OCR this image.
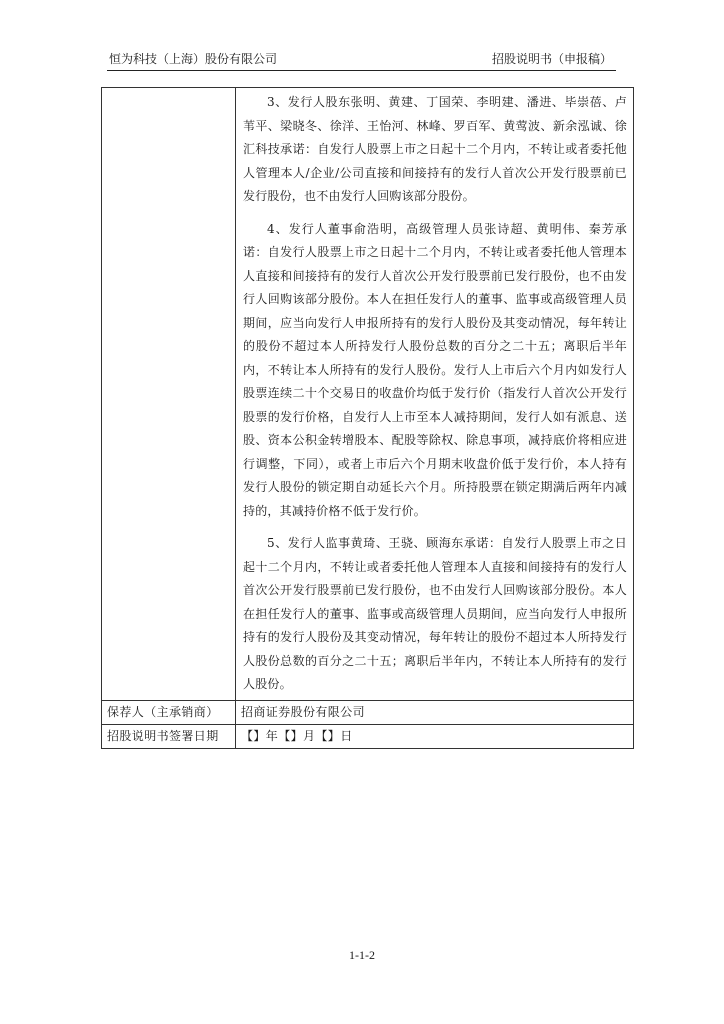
恒为科技（上海）股份有限公司	招股说明书（申报稿）

	3、发行人股东张明、黄建、丁国荣、李明建、潘进、毕崇蓓、卢苇平、梁晓冬、徐洋、王怡河、林峰、罗百军、黄莺波、新余泓诚、徐汇科技承诺：自发行人股票上市之日起十二个月内，不转让或者委托他人管理本人/企业/公司直接和间接持有的发行人首次公开发行股票前已发行股份，也不由发行人回购该部分股份。

4、发行人董事俞浩明，高级管理人员张诗超、黄明伟、秦芳承诺：自发行人股票上市之日起十二个月内，不转让或者委托他人管理本人直接和间接持有的发行人首次公开发行股票前已发行股份，也不由发行人回购该部分股份。本人在担任发行人的董事、监事或高级管理人员期间，应当向发行人申报所持有的发行人股份及其变动情况，每年转让的股份不超过本人所持发行人股份总数的百分之二十五；离职后半年内，不转让本人所持有的发行人股份。发行人上市后六个月内如发行人股票连续二十个交易日的收盘价均低于发行价（指发行人首次公开发行股票的发行价格，自发行人上市至本人减持期间，发行人如有派息、送股、资本公积金转增股本、配股等除权、除息事项，减持底价将相应进行调整，下同），或者上市后六个月期末收盘价低于发行价，本人持有发行人股份的锁定期自动延长六个月。所持股票在锁定期满后两年内减持的，其减持价格不低于发行价。

5、发行人监事黄琦、王骁、顾海东承诺：自发行人股票上市之日起十二个月内，不转让或者委托他人管理本人直接和间接持有的发行人首次公开发行股票前已发行股份，也不由发行人回购该部分股份。本人在担任发行人的董事、监事或高级管理人员期间，应当向发行人申报所持有的发行人股份及其变动情况，每年转让的股份不超过本人所持发行人股份总数的百分之二十五；离职后半年内，不转让本人所持有的发行人股份。

保荐人（主承销商）	招商证券股份有限公司
招股说明书签署日期	【】年【】月【】日
1-1-2
